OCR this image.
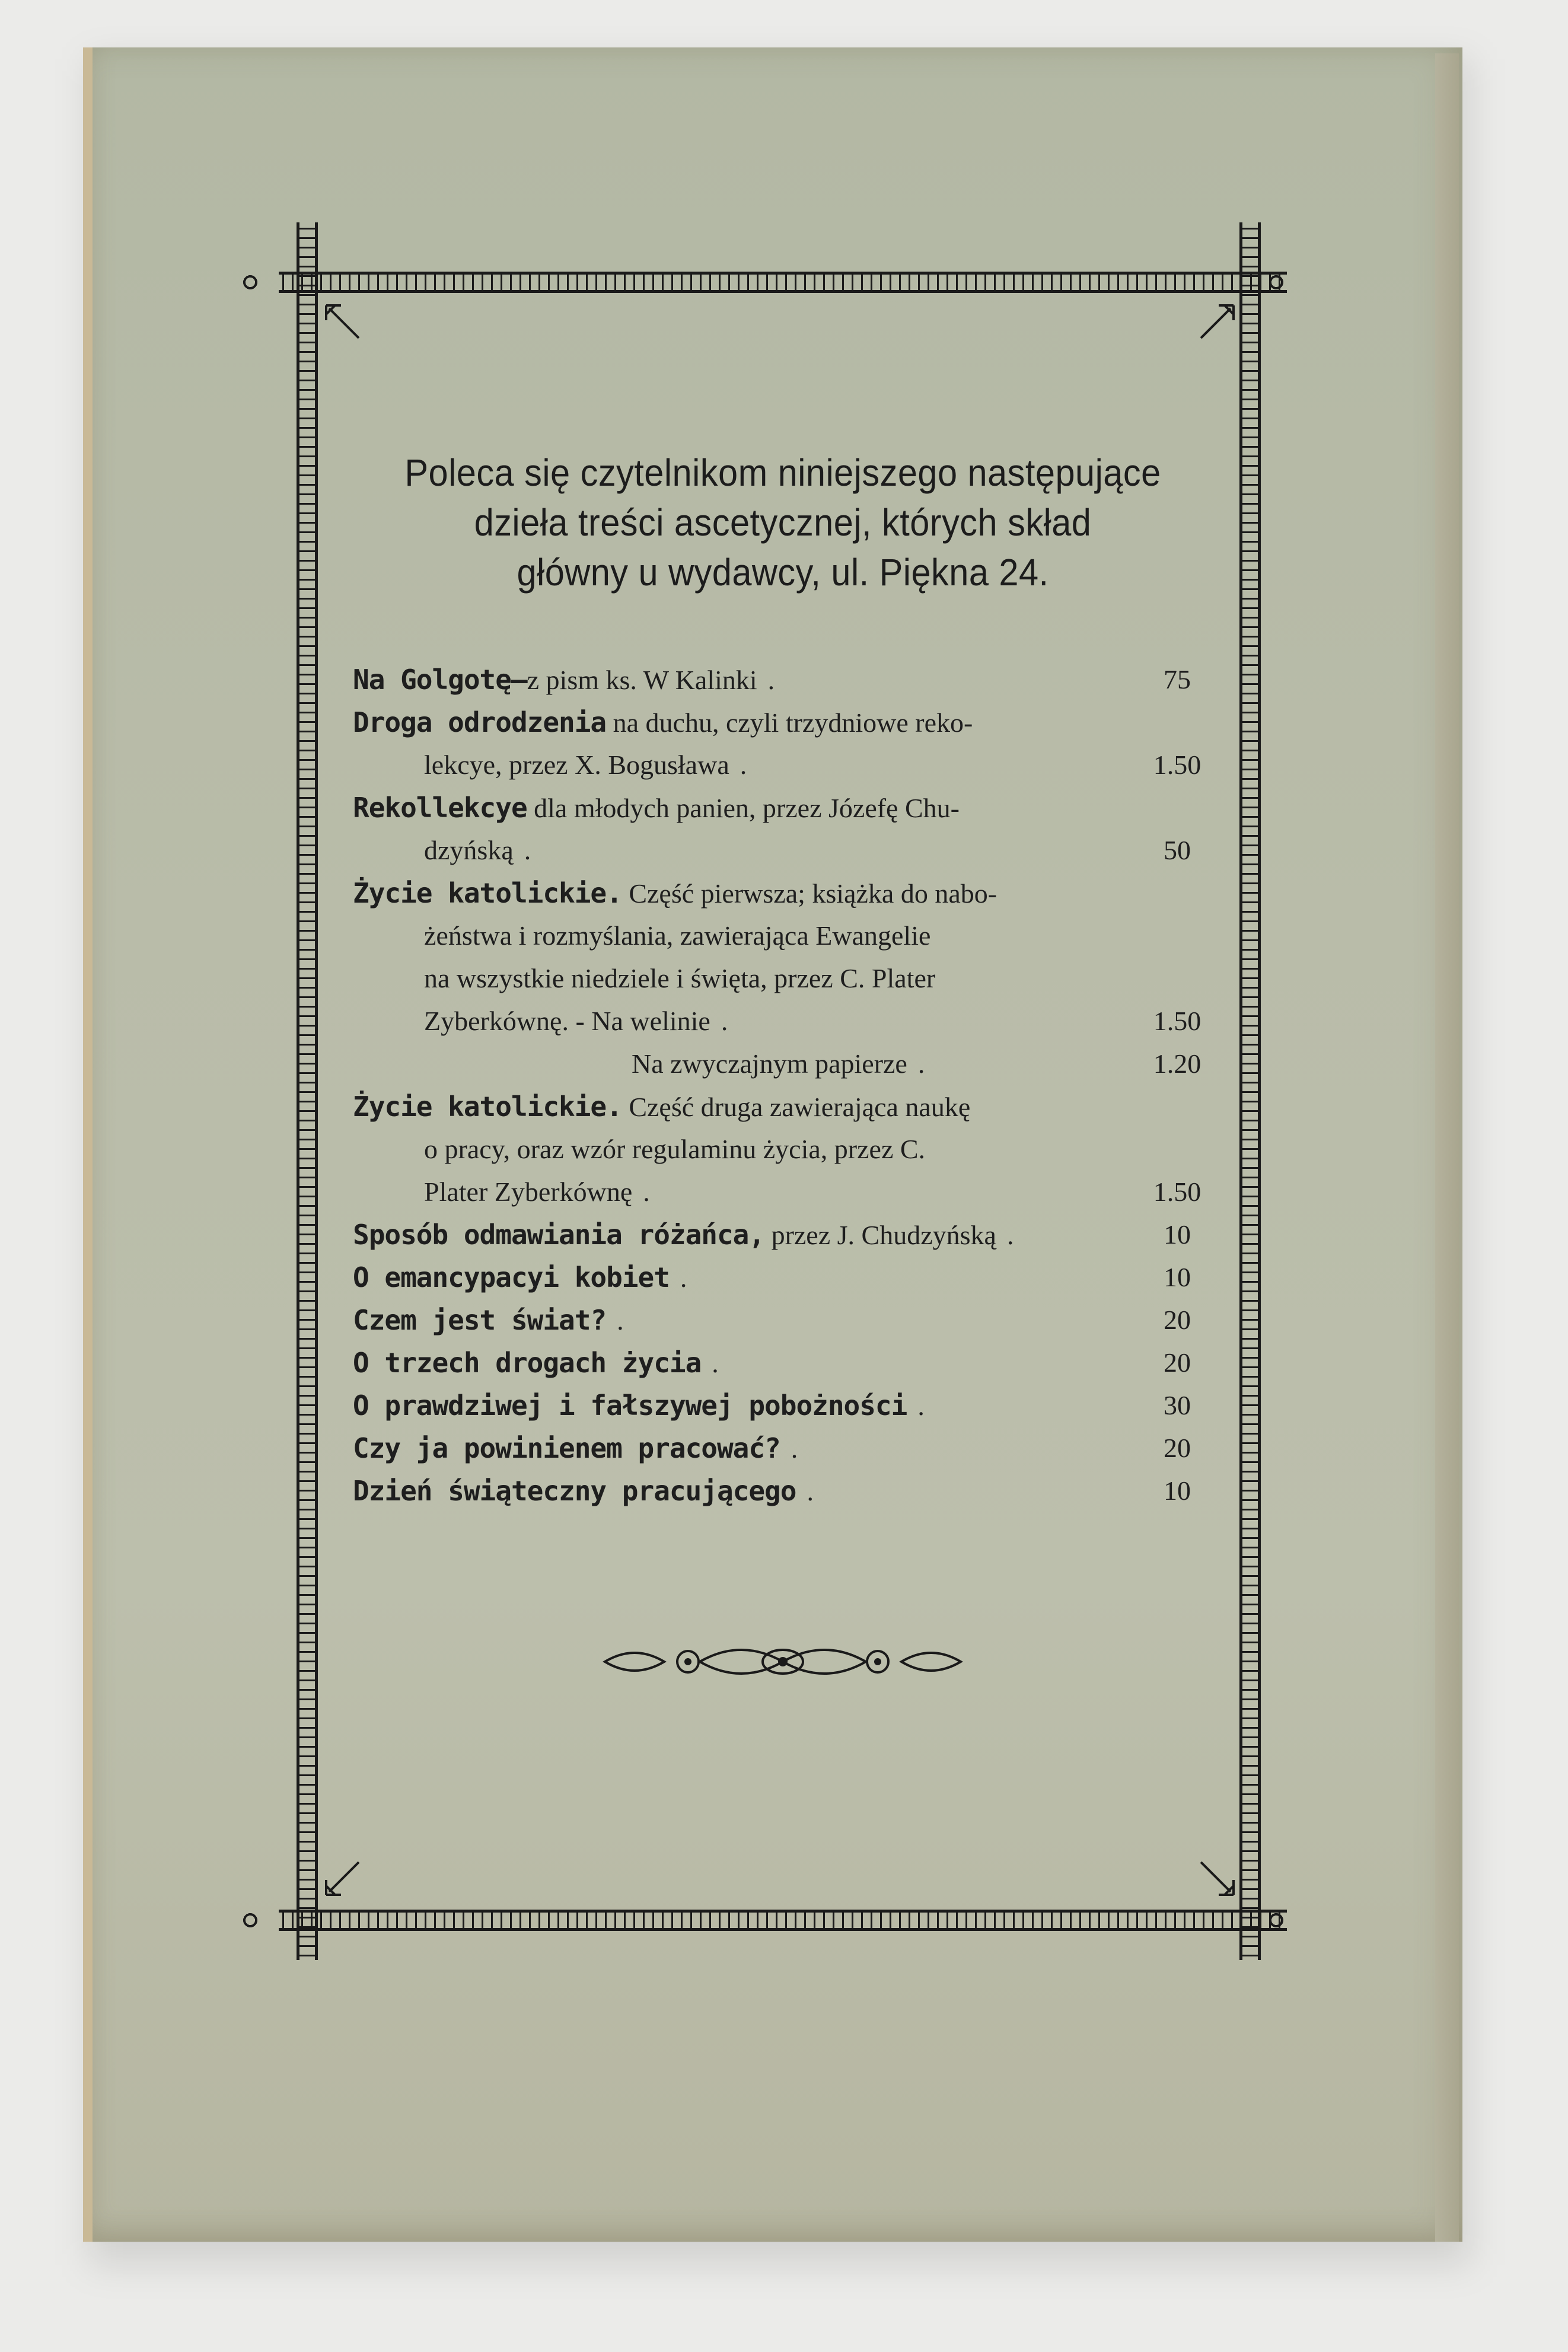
Poleca się czytelnikom niniejszego następujące
dzieła treści ascetycznej, których skład
główny u wydawcy, ul. Piękna 24.
Na Golgotę—z pism ks. W Kalinki .	75
Droga odrodzenia na duchu, czyli trzydniowe reko-
lekcye, przez X. Bogusława .	1.50
Rekollekcye dla młodych panien, przez Józefę Chu-
dzyńską .	50
Życie katolickie. Część pierwsza; książka do nabo-
żeństwa i rozmyślania, zawierająca Ewangelie
na wszystkie niedziele i święta, przez C. Plater
Zyberkównę. - Na welinie .	1.50
Na zwyczajnym papierze .	1.20
Życie katolickie. Część druga zawierająca naukę
o pracy, oraz wzór regulaminu życia, przez C.
Plater Zyberkównę .	1.50
Sposób odmawiania różańca, przez J. Chudzyńską .	10
O emancypacyi kobiet .	10
Czem jest świat? .	20
O trzech drogach życia .	20
O prawdziwej i fałszywej pobożności .	30
Czy ja powinienem pracować? .	20
Dzień świąteczny pracującego .	10
